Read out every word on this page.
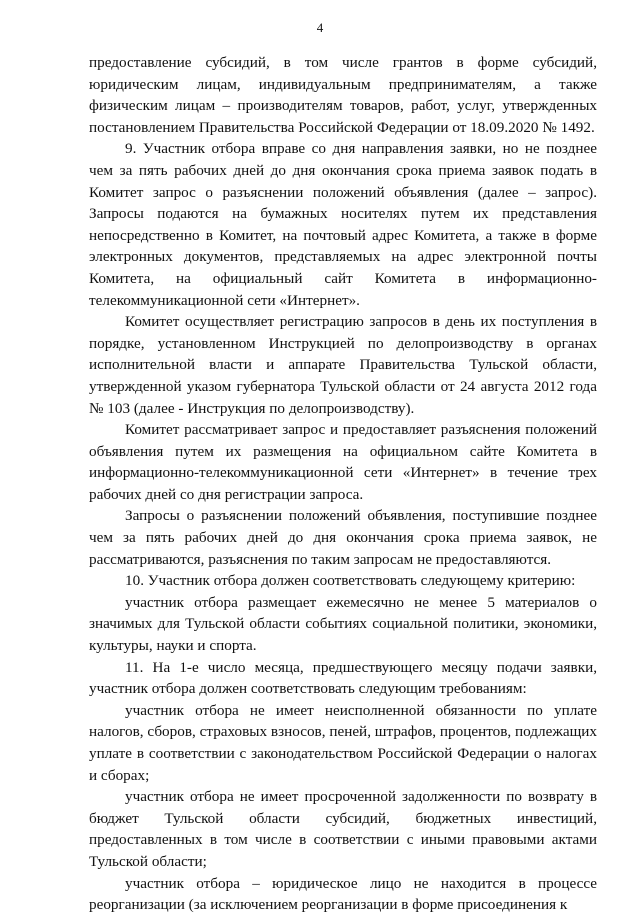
4

предоставление субсидий, в том числе грантов в форме субсидий, юридическим лицам, индивидуальным предпринимателям, а также физическим лицам – производителям товаров, работ, услуг, утвержденных постановлением Правительства Российской Федерации от 18.09.2020 № 1492.

9. Участник отбора вправе со дня направления заявки, но не позднее чем за пять рабочих дней до дня окончания срока приема заявок подать в Комитет запрос о разъяснении положений объявления (далее – запрос). Запросы подаются на бумажных носителях путем их представления непосредственно в Комитет, на почтовый адрес Комитета, а также в форме электронных документов, представляемых на адрес электронной почты Комитета, на официальный сайт Комитета в информационно-телекоммуникационной сети «Интернет».

Комитет осуществляет регистрацию запросов в день их поступления в порядке, установленном Инструкцией по делопроизводству в органах исполнительной власти и аппарате Правительства Тульской области, утвержденной указом губернатора Тульской области от 24 августа 2012 года № 103 (далее - Инструкция по делопроизводству).

Комитет рассматривает запрос и предоставляет разъяснения положений объявления путем их размещения на официальном сайте Комитета в информационно-телекоммуникационной сети «Интернет» в течение трех рабочих дней со дня регистрации запроса.

Запросы о разъяснении положений объявления, поступившие позднее чем за пять рабочих дней до дня окончания срока приема заявок, не рассматриваются, разъяснения по таким запросам не предоставляются.

10. Участник отбора должен соответствовать следующему критерию:

участник отбора размещает ежемесячно не менее 5 материалов о значимых для Тульской области событиях социальной политики, экономики, культуры, науки и спорта.

11. На 1-е число месяца, предшествующего месяцу подачи заявки, участник отбора должен соответствовать следующим требованиям:

участник отбора не имеет неисполненной обязанности по уплате налогов, сборов, страховых взносов, пеней, штрафов, процентов, подлежащих уплате в соответствии с законодательством Российской Федерации о налогах и сборах;

участник отбора не имеет просроченной задолженности по возврату в бюджет Тульской области субсидий, бюджетных инвестиций, предоставленных в том числе в соответствии с иными правовыми актами Тульской области;

участник отбора – юридическое лицо не находится в процессе реорганизации (за исключением реорганизации в форме присоединения к
